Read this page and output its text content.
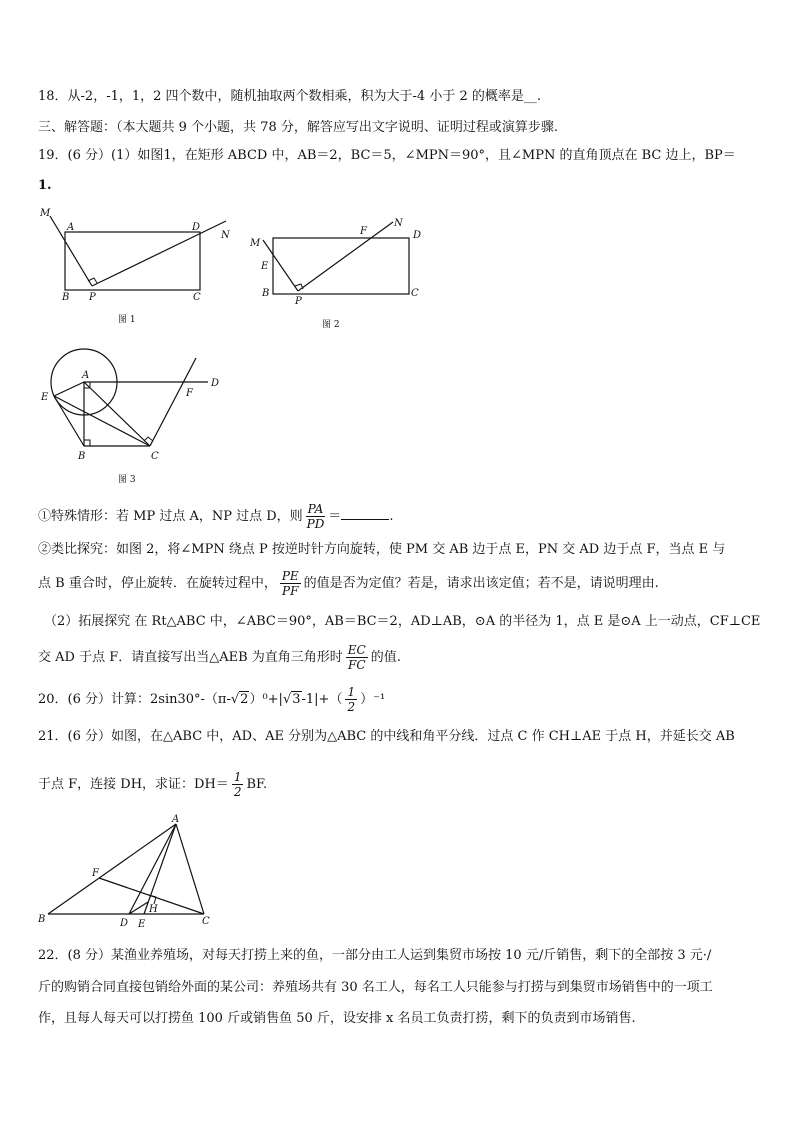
18．从-2，-1，1，2 四个数中，随机抽取两个数相乘，积为大于-4 小于 2 的概率是__.
三、解答题：（本大题共 9 个小题，共 78 分，解答应写出文字说明、证明过程或演算步骤.
19．(6 分）(1）如图1，在矩形 ABCD 中，AB＝2，BC＝5，∠MPN＝90°，且∠MPN 的直角顶点在 BC 边上，BP＝
1.
M
A	D
N
B P	C
图 1
M
F
N
D
E
B
P
C
图 2
A
D
E	F
B	C
图 3
①特殊情形：若 MP 过点 A，NP 过点 D，则 $\frac{PA}{PD}$ ＝	.
②类比探究：如图 2，将∠MPN 绕点 P 按逆时针方向旋转，使 PM 交 AB 边于点 E，PN 交 AD 边于点 F，当点 E 与
点 B 重合时，停止旋转．在旋转过程中， $\frac{PE}{PF}$ 的值是否为定值？若是，请求出该定值；若不是，请说明理由.
（2）拓展探究 在 Rt△ABC 中，∠ABC＝90°，AB＝BC＝2，AD⊥AB，⊙A 的半径为 1，点 E 是⊙A 上一动点，CF⊥CE
交 AD 于点 F．请直接写出当△AEB 为直角三角形时 $\frac{EC}{FC}$ 的值.
20．(6 分）计算：$2\sin 30^\circ-(\pi-√2)^0+|√3-1|+( \frac{1}{2} )^{-1}$
21．(6 分）如图，在△ABC 中，AD、AE 分别为△ABC 的中线和角平分线．过点 C 作 CH⊥AE 于点 H，并延长交 AB
于点 F，连接 DH，求证：$DH= \frac{1}{2}$ BF.
A
F
B	D E
H
C
22．(8 分）某渔业养殖场，对每天打捞上来的鱼，一部分由工人运到集贸市场按 10 元/斤销售，剩下的全部按 3 元·/
斤的购销合同直接包销给外面的某公司：养殖场共有 30 名工人，每名工人只能参与打捞与到集贸市场销售中的一项工
作，且每人每天可以打捞鱼 100 斤或销售鱼 50 斤，设安排 x 名员工负责打捞，剩下的负责到市场销售.
